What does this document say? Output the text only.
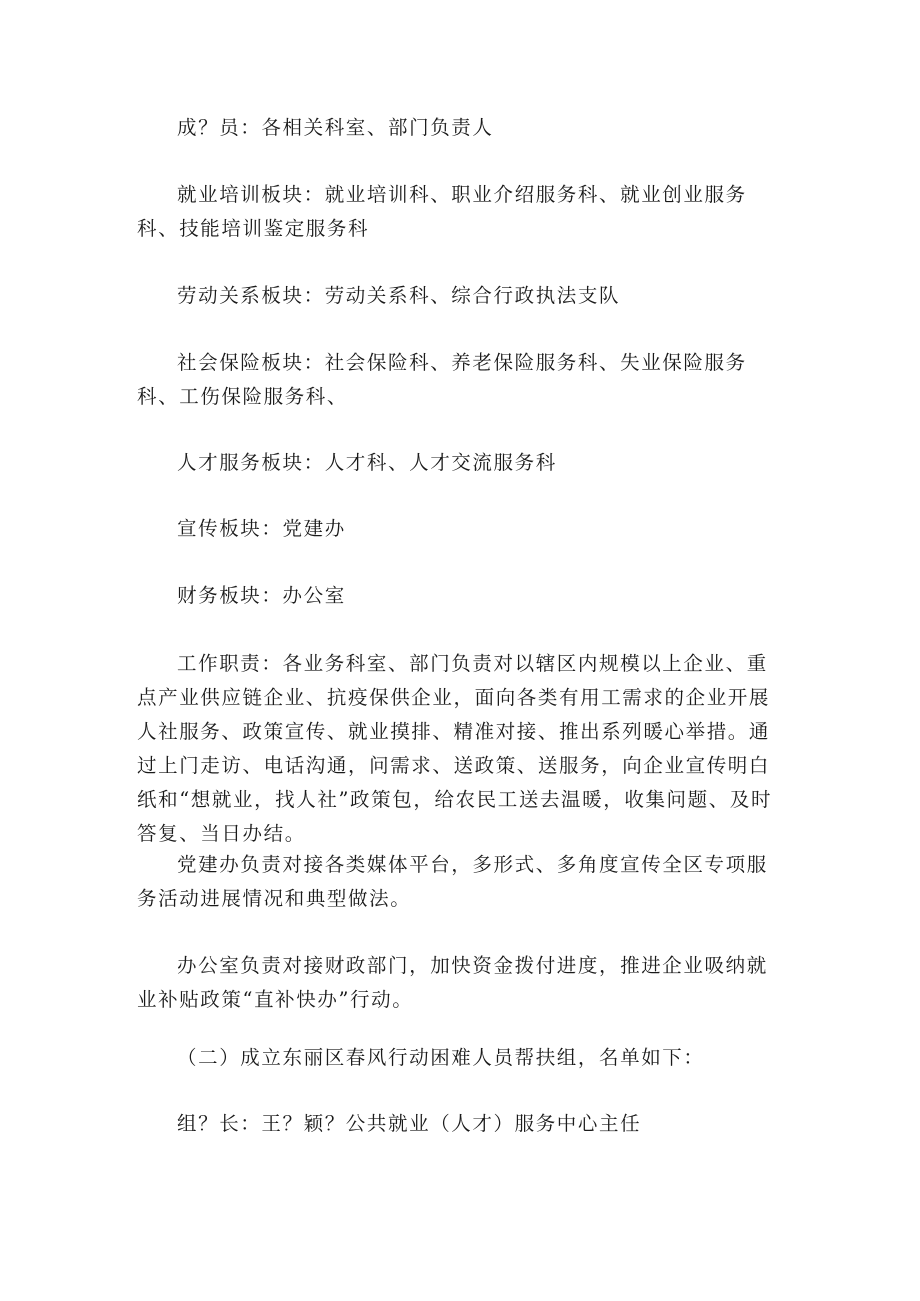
成？员：各相关科室、部门负责人

就业培训板块：就业培训科、职业介绍服务科、就业创业服务科、技能培训鉴定服务科

劳动关系板块：劳动关系科、综合行政执法支队

社会保险板块：社会保险科、养老保险服务科、失业保险服务科、工伤保险服务科、

人才服务板块：人才科、人才交流服务科

宣传板块：党建办

财务板块：办公室

工作职责：各业务科室、部门负责对以辖区内规模以上企业、重点产业供应链企业、抗疫保供企业，面向各类有用工需求的企业开展人社服务、政策宣传、就业摸排、精准对接、推出系列暖心举措。通过上门走访、电话沟通，问需求、送政策、送服务，向企业宣传明白纸和“想就业，找人社”政策包，给农民工送去温暖，收集问题、及时答复、当日办结。

党建办负责对接各类媒体平台，多形式、多角度宣传全区专项服务活动进展情况和典型做法。

办公室负责对接财政部门，加快资金拨付进度，推进企业吸纳就业补贴政策“直补快办”行动。

（二）成立东丽区春风行动困难人员帮扶组，名单如下：

组？长：王？颖？公共就业（人才）服务中心主任
